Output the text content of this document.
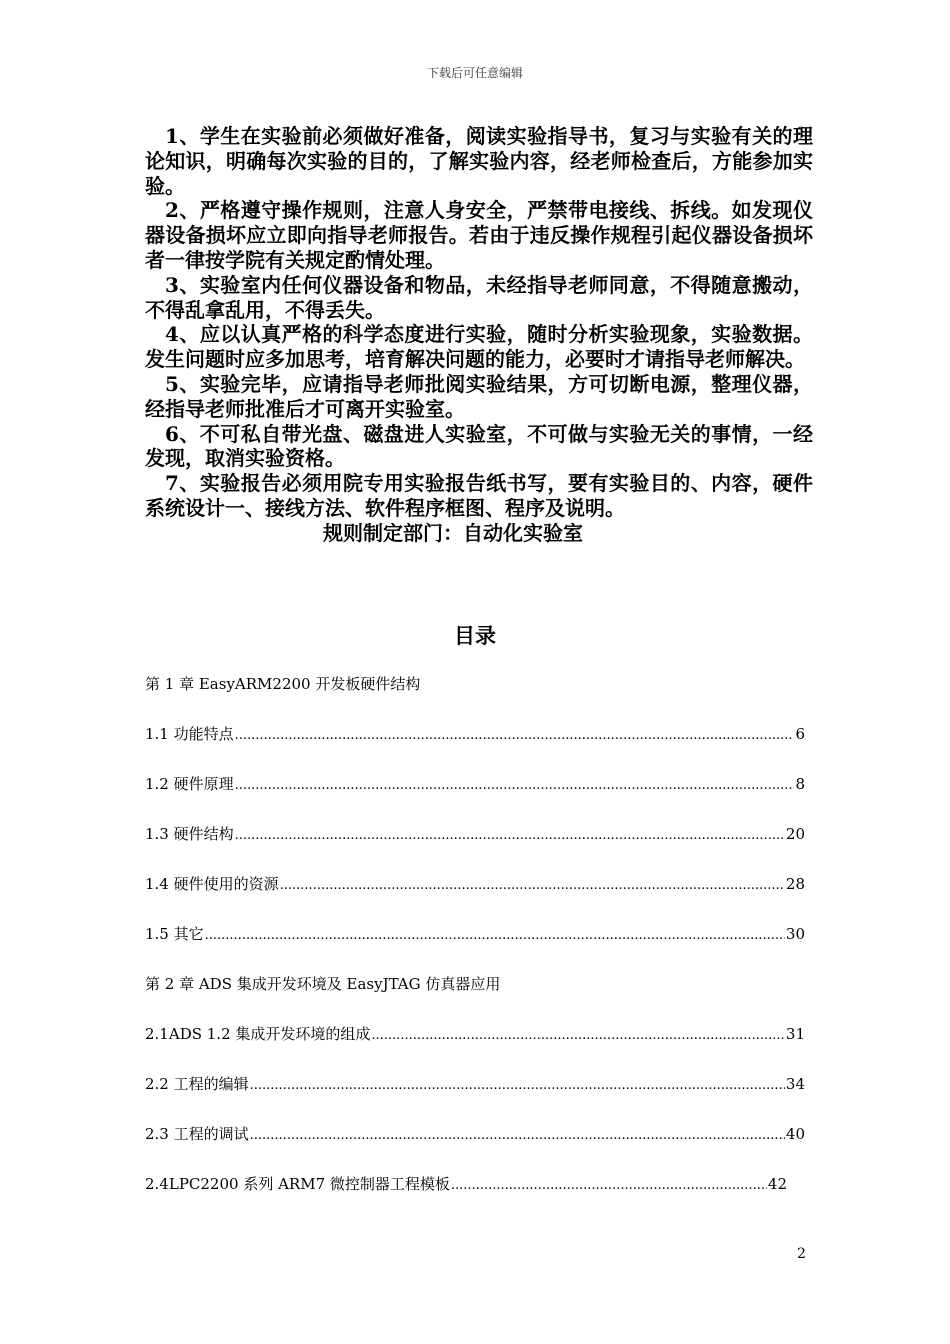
下载后可任意编辑

1、学生在实验前必须做好准备，阅读实验指导书，复习与实验有关的理论知识，明确每次实验的目的，了解实验内容，经老师检查后，方能参加实验。

2、严格遵守操作规则，注意人身安全，严禁带电接线、拆线。如发现仪器设备损坏应立即向指导老师报告。若由于违反操作规程引起仪器设备损坏者一律按学院有关规定酌情处理。

3、实验室内任何仪器设备和物品，未经指导老师同意，不得随意搬动，不得乱拿乱用，不得丢失。

4、应以认真严格的科学态度进行实验，随时分析实验现象，实验数据。发生问题时应多加思考，培育解决问题的能力，必要时才请指导老师解决。

5、实验完毕，应请指导老师批阅实验结果，方可切断电源，整理仪器，经指导老师批准后才可离开实验室。

6、不可私自带光盘、磁盘进人实验室，不可做与实验无关的事情，一经发现，取消实验资格。

7、实验报告必须用院专用实验报告纸书写，要有实验目的、内容，硬件系统设计一、接线方法、软件程序框图、程序及说明。

规则制定部门：自动化实验室

目录
第 1 章 EasyARM2200 开发板硬件结构
1.1 功能特点 .....	6
1.2 硬件原理 .....	8
1.3 硬件结构 .....	20
1.4 硬件使用的资源 .....	28
1.5 其它 .....	30
第 2 章 ADS 集成开发环境及 EasyJTAG 仿真器应用
2.1ADS 1.2 集成开发环境的组成 .....	31
2.2 工程的编辑 .....	34
2.3 工程的调试 .....	40
2.4LPC2200 系列 ARM7 微控制器工程模板 .....	42
2
